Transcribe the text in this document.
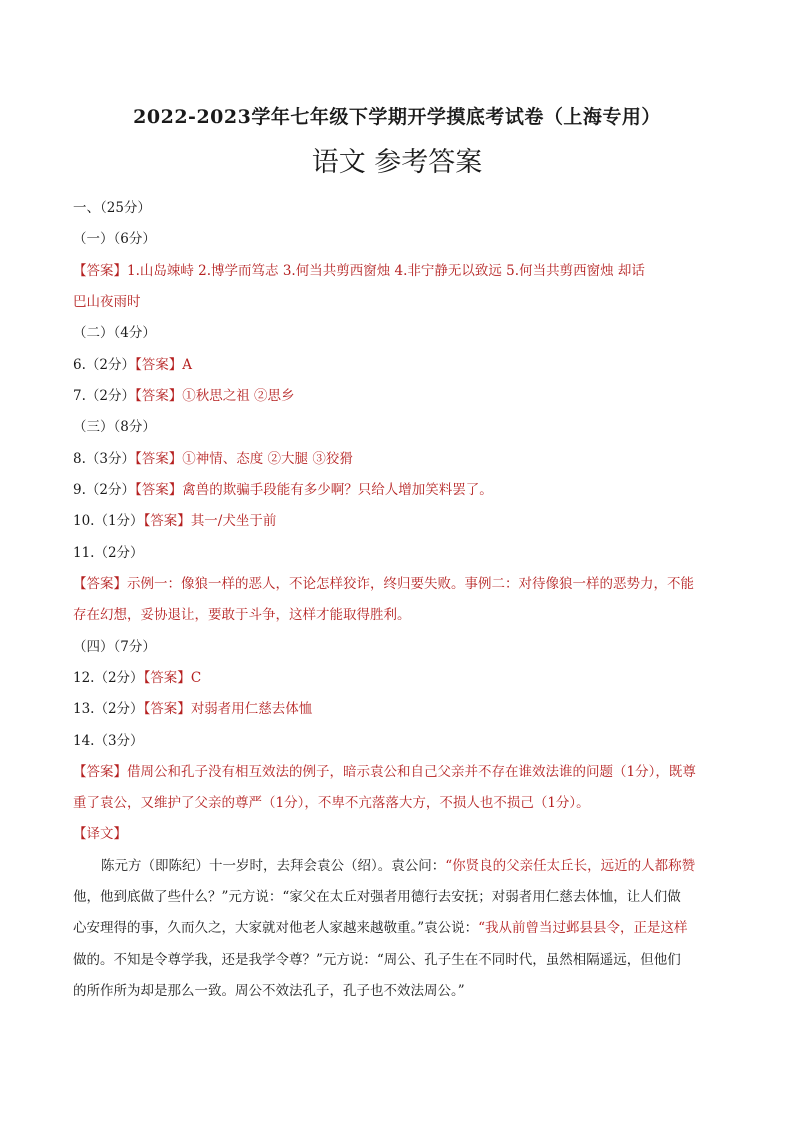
2022-2023学年七年级下学期开学摸底考试卷（上海专用）
语文 参考答案
一、（25分）
（一）（6分）
【答案】1.山岛竦峙 2.博学而笃志 3.何当共剪西窗烛 4.非宁静无以致远 5.何当共剪西窗烛 却话
巴山夜雨时
（二）（4分）
6.（2分）【答案】A
7.（2分）【答案】①秋思之祖 ②思乡
（三）（8分）
8.（3分）【答案】①神情、态度 ②大腿 ③狡猾
9.（2分）【答案】禽兽的欺骗手段能有多少啊？只给人增加笑料罢了。
10.（1分）【答案】其一/犬坐于前
11.（2分）
【答案】示例一：像狼一样的恶人，不论怎样狡诈，终归要失败。事例二：对待像狼一样的恶势力，不能
存在幻想，妥协退让，要敢于斗争，这样才能取得胜利。
（四）（7分）
12.（2分）【答案】C
13.（2分）【答案】对弱者用仁慈去体恤
14.（3分）
【答案】借周公和孔子没有相互效法的例子，暗示袁公和自己父亲并不存在谁效法谁的问题（1分），既尊
重了袁公，又维护了父亲的尊严（1分），不卑不亢落落大方，不损人也不损己（1分）。
【译文】
陈元方（即陈纪）十一岁时，去拜会袁公（绍）。袁公问：“你贤良的父亲任太丘长，远近的人都称赞
他，他到底做了些什么？”元方说：“家父在太丘对强者用德行去安抚；对弱者用仁慈去体恤，让人们做
心安理得的事，久而久之，大家就对他老人家越来越敬重。”袁公说：“我从前曾当过邺县县令，正是这样
做的。不知是令尊学我，还是我学令尊？”元方说：“周公、孔子生在不同时代，虽然相隔遥远，但他们
的所作所为却是那么一致。周公不效法孔子，孔子也不效法周公。”
